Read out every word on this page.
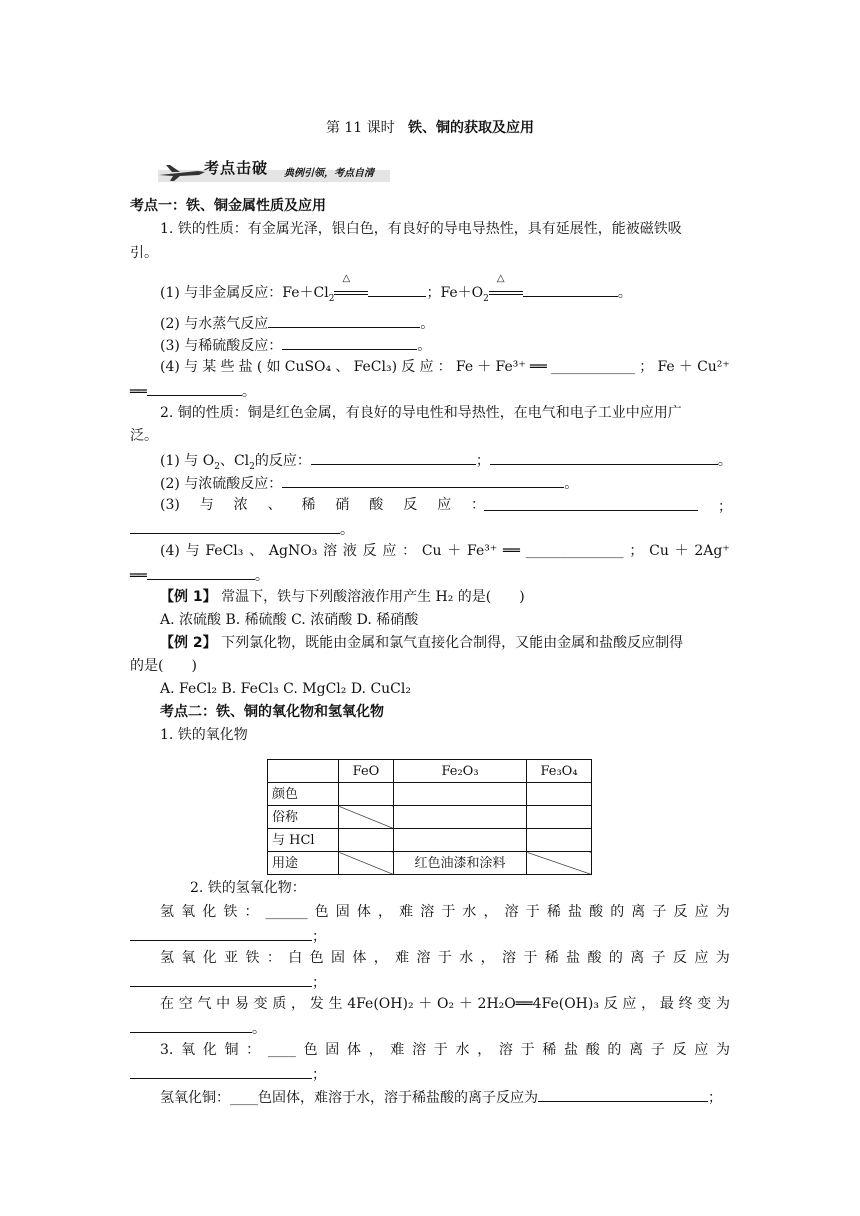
第 11 课时 铁、铜的获取及应用
考点击破 典例引领，考点自清
考点一：铁、铜金属性质及应用
1. 铁的性质：有金属光泽，银白色，有良好的导电导热性，具有延展性，能被磁铁吸
引。
(1) 与非金属反应：$Fe+Cl_2$
△
；$Fe+O_2$
△
。
(2) 与水蒸气反应	。
(3) 与稀硫酸反应：	。
(4) 与 某 些 盐 ( 如 CuSO₄ 、 FeCl₃) 反 应 ： Fe ＋ Fe³⁺ ══ ____________ ； Fe ＋ Cu²⁺
══	。
2. 铜的性质：铜是红色金属，有良好的导电性和导热性，在电气和电子工业中应用广
泛。
(1) 与 $O_2$、$Cl_2$的反应：	；	。
(2) 与浓硫酸反应：	。
(3) 与 浓 、 稀 硝 酸 反 应 ：	；
。
(4) 与 FeCl₃ 、 AgNO₃ 溶 液 反 应 ： Cu ＋ Fe³⁺ ══ ______________ ； Cu ＋ 2Ag⁺
══	。
【例 1】 常温下，铁与下列酸溶液作用产生 H₂ 的是(　　)
A. 浓硫酸 B. 稀硫酸 C. 浓硝酸 D. 稀硝酸
【例 2】 下列氯化物，既能由金属和氯气直接化合制得，又能由金属和盐酸反应制得
的是(　　)
A. FeCl₂ B. FeCl₃ C. MgCl₂ D. CuCl₂
考点二：铁、铜的氧化物和氢氧化物
1. 铁的氧化物
	FeO	Fe₂O₃	Fe₃O₄
颜色			
俗称			
与 HCl			
用途		红色油漆和涂料	
2. 铁的氢氧化物：
氢 氧 化 铁 ： ______ 色 固 体 ， 难 溶 于 水 ， 溶 于 稀 盐 酸 的 离 子 反 应 为
；
氢 氧 化 亚 铁 ： 白 色 固 体 ， 难 溶 于 水 ， 溶 于 稀 盐 酸 的 离 子 反 应 为
；
在 空 气 中 易 变 质 ， 发 生 4Fe(OH)₂ ＋ O₂ ＋ 2H₂O══4Fe(OH)₃ 反 应 ， 最 终 变 为
。
3. 氧 化 铜 ： ____ 色 固 体 ， 难 溶 于 水 ， 溶 于 稀 盐 酸 的 离 子 反 应 为
；
氢氧化铜：____色固体，难溶于水，溶于稀盐酸的离子反应为	；
